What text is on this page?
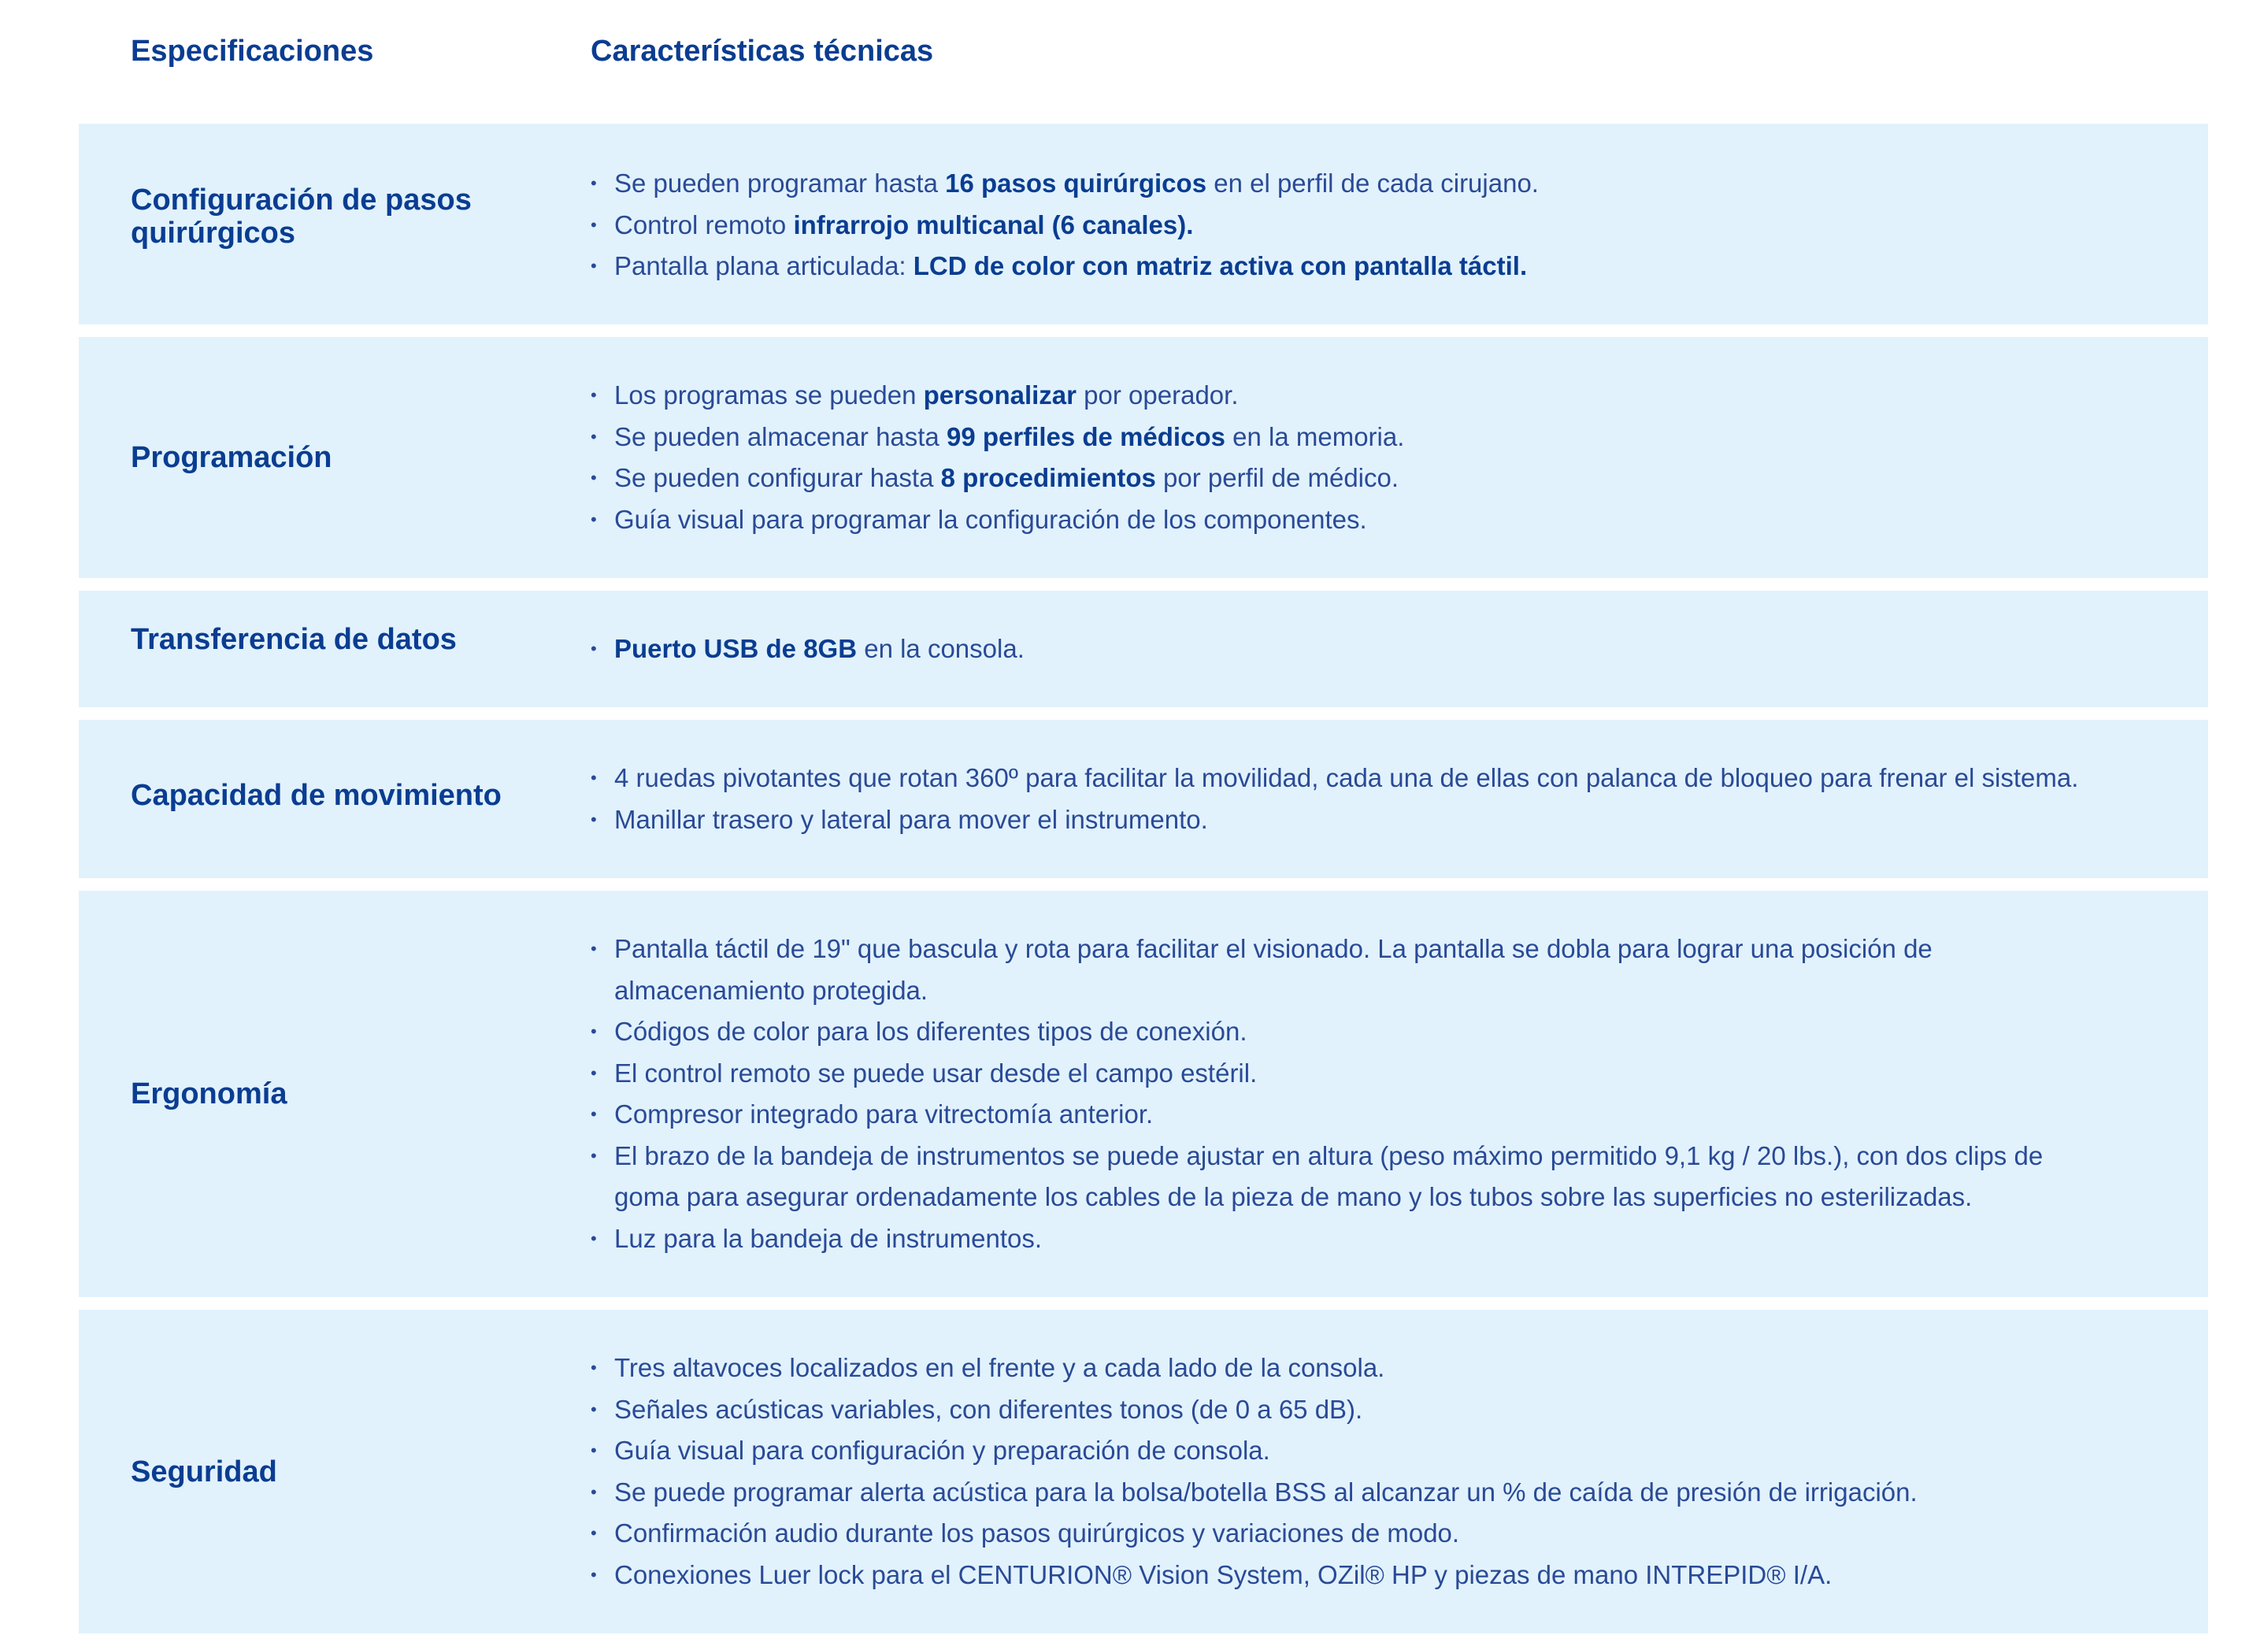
Especificaciones	Características técnicas
Configuración de pasos quirúrgicos
• Se pueden programar hasta 16 pasos quirúrgicos en el perfil de cada cirujano.
• Control remoto infrarrojo multicanal (6 canales).
• Pantalla plana articulada: LCD de color con matriz activa con pantalla táctil.
Programación
• Los programas se pueden personalizar por operador.
• Se pueden almacenar hasta 99 perfiles de médicos en la memoria.
• Se pueden configurar hasta 8 procedimientos por perfil de médico.
• Guía visual para programar la configuración de los componentes.
Transferencia de datos
•	Puerto USB de 8GB en la consola.
Capacidad de movimiento
• 4 ruedas pivotantes que rotan 360º para facilitar la movilidad, cada una de ellas con palanca de bloqueo para frenar el sistema.
• Manillar trasero y lateral para mover el instrumento.
Ergonomía
• Pantalla táctil de 19" que bascula y rota para facilitar el visionado. La pantalla se dobla para lograr una posición de almacenamiento protegida.
• Códigos de color para los diferentes tipos de conexión.
• El control remoto se puede usar desde el campo estéril.
• Compresor integrado para vitrectomía anterior.
• El brazo de la bandeja de instrumentos se puede ajustar en altura (peso máximo permitido 9,1 kg / 20 lbs.), con dos clips de goma para asegurar ordenadamente los cables de la pieza de mano y los tubos sobre las superficies no esterilizadas.
• Luz para la bandeja de instrumentos.
Seguridad
• Tres altavoces localizados en el frente y a cada lado de la consola.
• Señales acústicas variables, con diferentes tonos (de 0 a 65 dB).
• Guía visual para configuración y preparación de consola.
• Se puede programar alerta acústica para la bolsa/botella BSS al alcanzar un % de caída de presión de irrigación.
• Confirmación audio durante los pasos quirúrgicos y variaciones de modo.
• Conexiones Luer lock para el CENTURION® Vision System, OZil® HP y piezas de mano INTREPID® I/A.
